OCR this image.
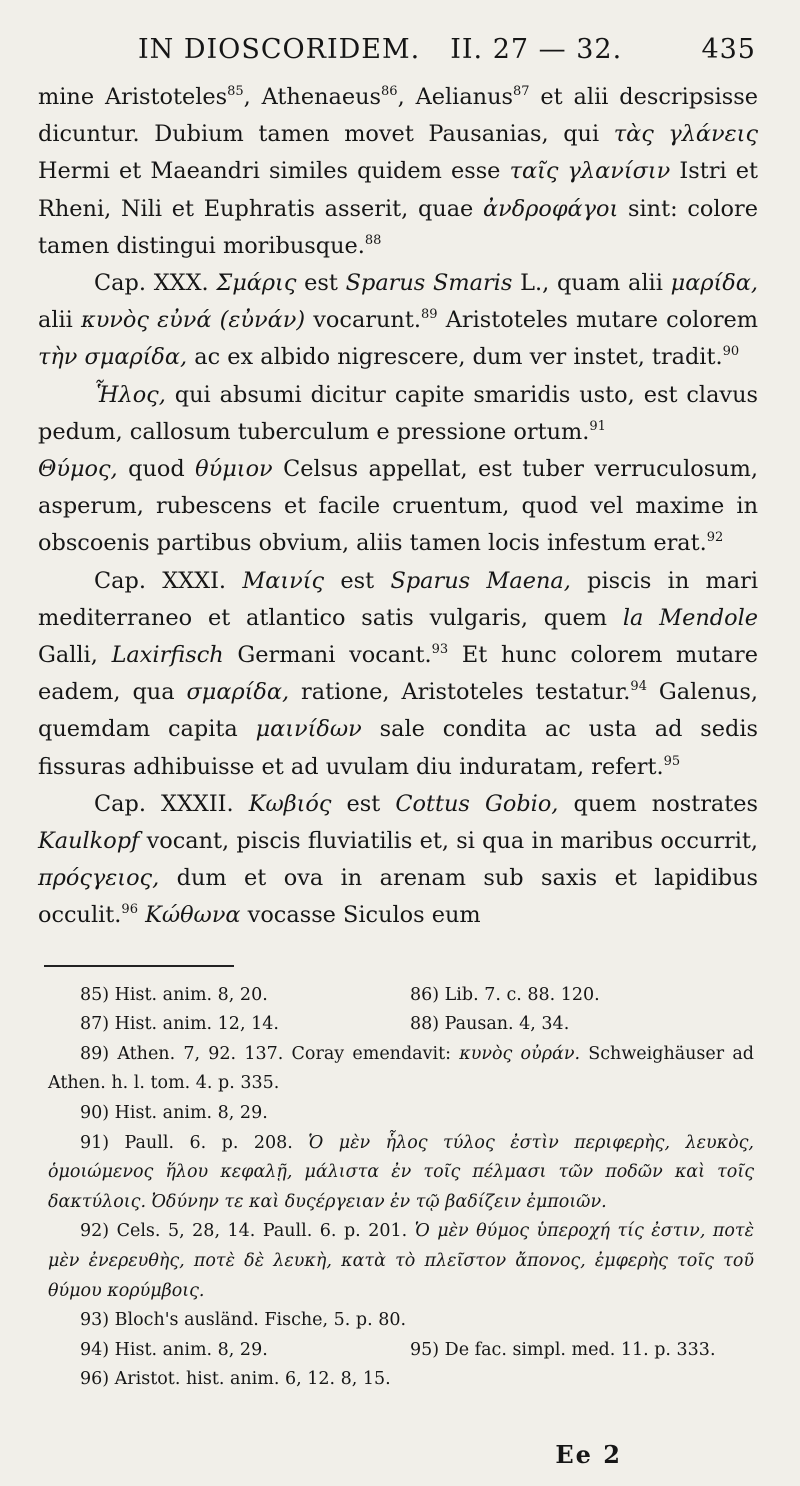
IN DIOSCORIDEM. II. 27 — 32.	435

mine Aristoteles$^{85}$, Athenaeus$^{86}$, Aelianus$^{87}$ et alii descripsisse dicuntur. Dubium tamen movet Pausanias, qui τὰς γλάνεις Hermi et Maeandri similes quidem esse ταῖς γλανίσιν Istri et Rheni, Nili et Euphratis asserit, quae ἀνδροφάγοι sint: colore tamen distingui moribusque.$^{88}$

Cap. XXX. Σμάρις est Sparus Smaris L., quam alii μαρίδα, alii κυνὸς εὐνά (εὐνάν) vocarunt.$^{89}$ Aristoteles mutare colorem τὴν σμαρίδα, ac ex albido nigrescere, dum ver instet, tradit.$^{90}$

Ἧλος, qui absumi dicitur capite smaridis usto, est clavus pedum, callosum tuberculum e pressione ortum.$^{91}$

Θύμος, quod θύμιον Celsus appellat, est tuber verruculosum, asperum, rubescens et facile cruentum, quod vel maxime in obscoenis partibus obvium, aliis tamen locis infestum erat.$^{92}$

Cap. XXXI. Μαινίς est Sparus Maena, piscis in mari mediterraneo et atlantico satis vulgaris, quem la Mendole Galli, Laxirfisch Germani vocant.$^{93}$ Et hunc colorem mutare eadem, qua σμαρίδα, ratione, Aristoteles testatur.$^{94}$ Galenus, quemdam capita μαινίδων sale condita ac usta ad sedis fissuras adhibuisse et ad uvulam diu induratam, refert.$^{95}$

Cap. XXXII. Κωβιός est Cottus Gobio, quem nostrates Kaulkopf vocant, piscis fluviatilis et, si qua in maribus occurrit, πρόςγειος, dum et ova in arenam sub saxis et lapidibus occulit.$^{96}$ Κώθωνα vocasse Siculos eum

85) Hist. anim. 8, 20.	86) Lib. 7. c. 88. 120.
87) Hist. anim. 12, 14.	88) Pausan. 4, 34.
89) Athen. 7, 92. 137. Coray emendavit: κυνὸς οὐράν. Schweighäuser ad Athen. h. l. tom. 4. p. 335.
90) Hist. anim. 8, 29.
91) Paull. 6. p. 208. Ὁ μὲν ἧλος τύλος ἐστὶν περιφερὴς, λευκὸς, ὁμοιώμενος ἥλου κεφαλῇ, μάλιστα ἐν τοῖς πέλμασι τῶν ποδῶν καὶ τοῖς δακτύλοις. Ὀδύνην τε καὶ δυςέργειαν ἐν τῷ βαδίζειν ἐμποιῶν.
92) Cels. 5, 28, 14. Paull. 6. p. 201. Ὁ μὲν θύμος ὑπεροχή τίς ἐστιν, ποτὲ μὲν ἐνερευθὴς, ποτὲ δὲ λευκὴ, κατὰ τὸ πλεῖστον ἄπονος, ἐμφερὴς τοῖς τοῦ θύμου κορύμβοις.
93) Bloch's ausländ. Fische, 5. p. 80.
94) Hist. anim. 8, 29.	95) De fac. simpl. med. 11. p. 333.
96) Aristot. hist. anim. 6, 12. 8, 15.
Ee 2
